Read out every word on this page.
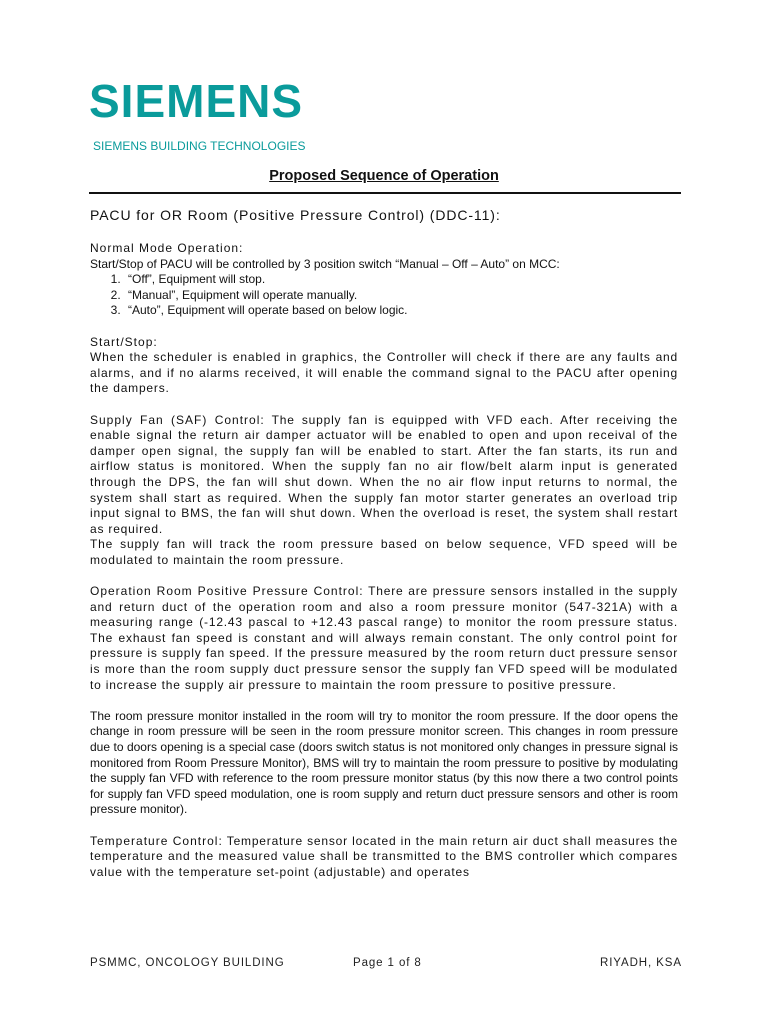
SIEMENS
SIEMENS BUILDING TECHNOLOGIES
Proposed Sequence of Operation
PACU for OR Room (Positive Pressure Control) (DDC-11):

Normal Mode Operation:

Start/Stop of PACU will be controlled by 3 position switch “Manual – Off – Auto” on MCC:

1. “Off”, Equipment will stop.
2. “Manual”, Equipment will operate manually.
3. “Auto”, Equipment will operate based on below logic.

Start/Stop:

When the scheduler is enabled in graphics, the Controller will check if there are any faults and alarms, and if no alarms received, it will enable the command signal to the PACU after opening the dampers.

Supply Fan (SAF) Control: The supply fan is equipped with VFD each. After receiving the enable signal the return air damper actuator will be enabled to open and upon receival of the damper open signal, the supply fan will be enabled to start. After the fan starts, its run and airflow status is monitored. When the supply fan no air flow/belt alarm input is generated through the DPS, the fan will shut down. When the no air flow input returns to normal, the system shall start as required. When the supply fan motor starter generates an overload trip input signal to BMS, the fan will shut down. When the overload is reset, the system shall restart as required.

The supply fan will track the room pressure based on below sequence, VFD speed will be modulated to maintain the room pressure.

Operation Room Positive Pressure Control: There are pressure sensors installed in the supply and return duct of the operation room and also a room pressure monitor (547-321A) with a measuring range (-12.43 pascal to +12.43 pascal range) to monitor the room pressure status. The exhaust fan speed is constant and will always remain constant. The only control point for pressure is supply fan speed. If the pressure measured by the room return duct pressure sensor is more than the room supply duct pressure sensor the supply fan VFD speed will be modulated to increase the supply air pressure to maintain the room pressure to positive pressure.

The room pressure monitor installed in the room will try to monitor the room pressure. If the door opens the change in room pressure will be seen in the room pressure monitor screen. This changes in room pressure due to doors opening is a special case (doors switch status is not monitored only changes in pressure signal is monitored from Room Pressure Monitor), BMS will try to maintain the room pressure to positive by modulating the supply fan VFD with reference to the room pressure monitor status (by this now there a two control points for supply fan VFD speed modulation, one is room supply and return duct pressure sensors and other is room pressure monitor).

Temperature Control: Temperature sensor located in the main return air duct shall measures the temperature and the measured value shall be transmitted to the BMS controller which compares value with the temperature set-point (adjustable) and operates

PSMMC, ONCOLOGY BUILDING	Page 1 of 8	RIYADH, KSA
